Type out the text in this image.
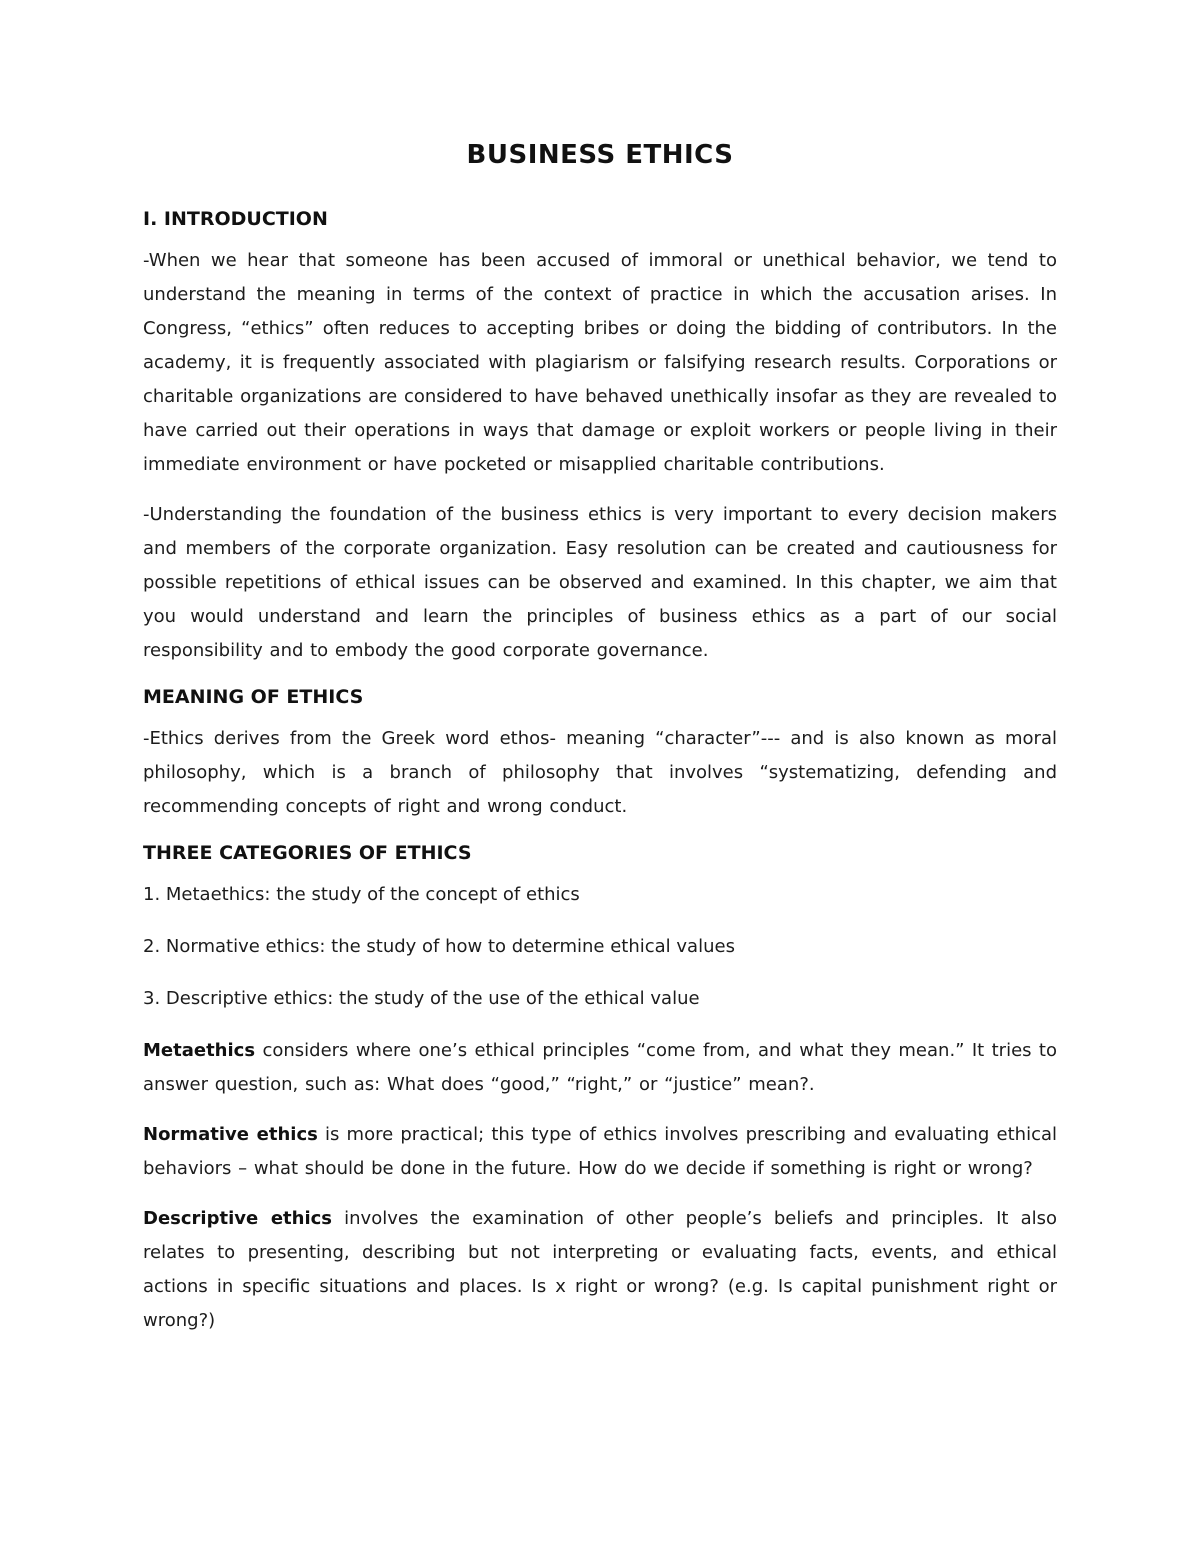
BUSINESS ETHICS
I. INTRODUCTION

-When we hear that someone has been accused of immoral or unethical behavior, we tend to understand the meaning in terms of the context of practice in which the accusation arises. In Congress, “ethics” often reduces to accepting bribes or doing the bidding of contributors. In the academy, it is frequently associated with plagiarism or falsifying research results. Corporations or charitable organizations are considered to have behaved unethically insofar as they are revealed to have carried out their operations in ways that damage or exploit workers or people living in their immediate environment or have pocketed or misapplied charitable contributions.

-Understanding the foundation of the business ethics is very important to every decision makers and members of the corporate organization. Easy resolution can be created and cautiousness for possible repetitions of ethical issues can be observed and examined. In this chapter, we aim that you would understand and learn the principles of business ethics as a part of our social responsibility and to embody the good corporate governance.

MEANING OF ETHICS

-Ethics derives from the Greek word ethos- meaning “character”--- and is also known as moral philosophy, which is a branch of philosophy that involves “systematizing, defending and recommending concepts of right and wrong conduct.

THREE CATEGORIES OF ETHICS

1. Metaethics: the study of the concept of ethics

2. Normative ethics: the study of how to determine ethical values

3. Descriptive ethics: the study of the use of the ethical value

Metaethics considers where one’s ethical principles “come from, and what they mean.” It tries to answer question, such as: What does “good,” “right,” or “justice” mean?.

Normative ethics is more practical; this type of ethics involves prescribing and evaluating ethical behaviors – what should be done in the future. How do we decide if something is right or wrong?

Descriptive ethics involves the examination of other people’s beliefs and principles. It also relates to presenting, describing but not interpreting or evaluating facts, events, and ethical actions in specific situations and places. Is x right or wrong? (e.g. Is capital punishment right or wrong?)
